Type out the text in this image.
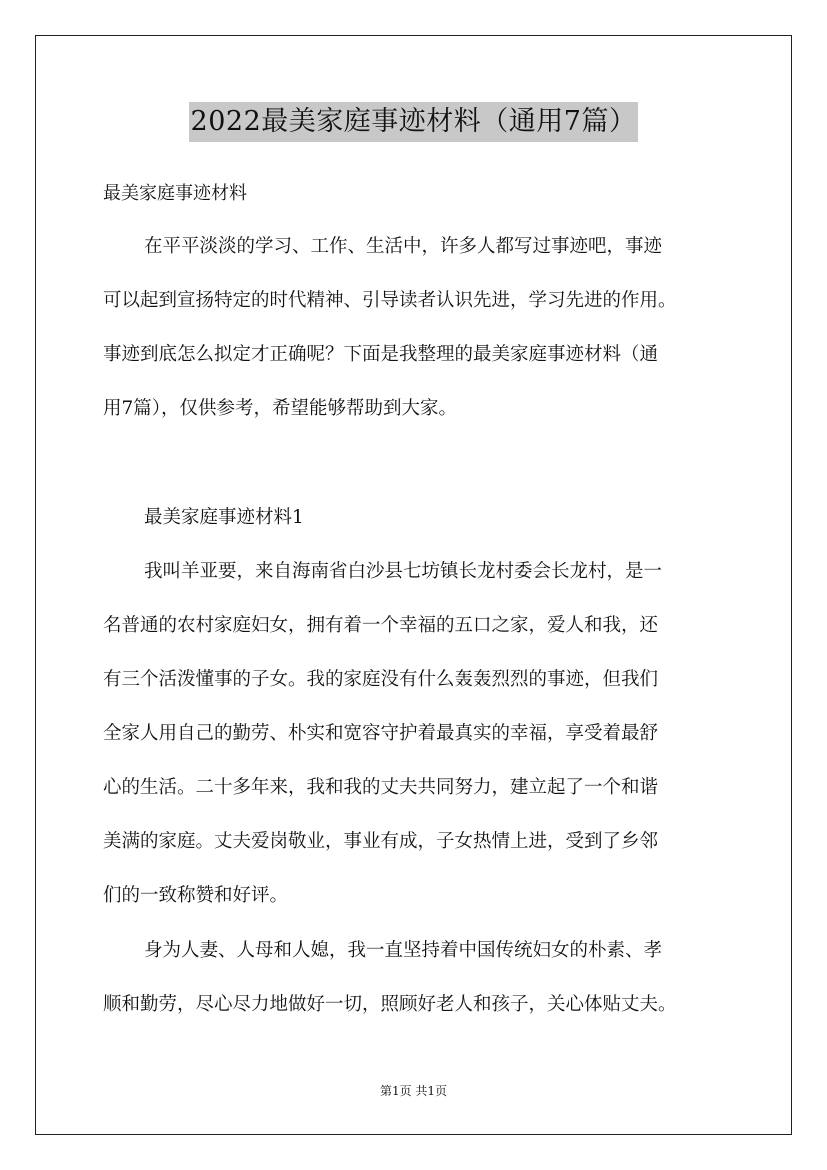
2022最美家庭事迹材料（通用7篇）
最美家庭事迹材料
在平平淡淡的学习、工作、生活中，许多人都写过事迹吧，事迹
可以起到宣扬特定的时代精神、引导读者认识先进，学习先进的作用。
事迹到底怎么拟定才正确呢？下面是我整理的最美家庭事迹材料（通
用7篇），仅供参考，希望能够帮助到大家。
最美家庭事迹材料1
我叫羊亚要，来自海南省白沙县七坊镇长龙村委会长龙村，是一
名普通的农村家庭妇女，拥有着一个幸福的五口之家，爱人和我，还
有三个活泼懂事的子女。我的家庭没有什么轰轰烈烈的事迹，但我们
全家人用自己的勤劳、朴实和宽容守护着最真实的幸福，享受着最舒
心的生活。二十多年来，我和我的丈夫共同努力，建立起了一个和谐
美满的家庭。丈夫爱岗敬业，事业有成，子女热情上进，受到了乡邻
们的一致称赞和好评。
身为人妻、人母和人媳，我一直坚持着中国传统妇女的朴素、孝
顺和勤劳，尽心尽力地做好一切，照顾好老人和孩子，关心体贴丈夫。
第1页 共1页
